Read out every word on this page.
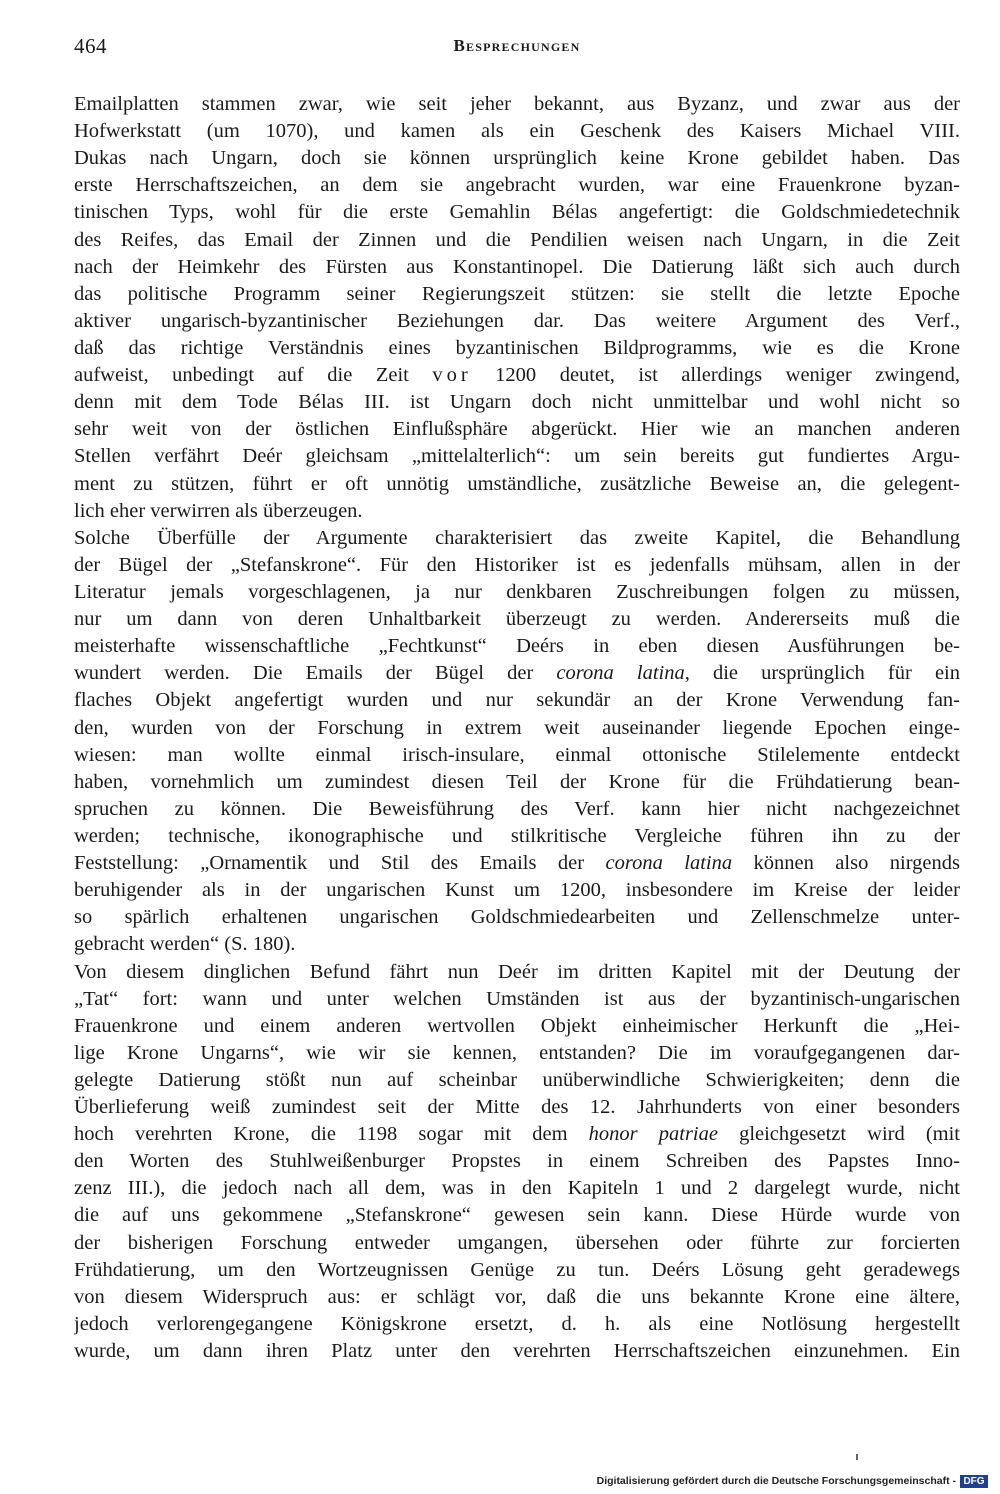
464	Besprechungen
Emailplatten stammen zwar, wie seit jeher bekannt, aus Byzanz, und zwar aus der
Hofwerkstatt (um 1070), und kamen als ein Geschenk des Kaisers Michael VIII.
Dukas nach Ungarn, doch sie können ursprünglich keine Krone gebildet haben. Das
erste Herrschaftszeichen, an dem sie angebracht wurden, war eine Frauenkrone byzan-
tinischen Typs, wohl für die erste Gemahlin Bélas angefertigt: die Goldschmiedetechnik
des Reifes, das Email der Zinnen und die Pendilien weisen nach Ungarn, in die Zeit
nach der Heimkehr des Fürsten aus Konstantinopel. Die Datierung läßt sich auch durch
das politische Programm seiner Regierungszeit stützen: sie stellt die letzte Epoche
aktiver ungarisch-byzantinischer Beziehungen dar. Das weitere Argument des Verf.,
daß das richtige Verständnis eines byzantinischen Bildprogramms, wie es die Krone
aufweist, unbedingt auf die Zeit vor 1200 deutet, ist allerdings weniger zwingend,
denn mit dem Tode Bélas III. ist Ungarn doch nicht unmittelbar und wohl nicht so
sehr weit von der östlichen Einflußsphäre abgerückt. Hier wie an manchen anderen
Stellen verfährt Deér gleichsam „mittelalterlich“: um sein bereits gut fundiertes Argu-
ment zu stützen, führt er oft unnötig umständliche, zusätzliche Beweise an, die gelegent-
lich eher verwirren als überzeugen.
Solche Überfülle der Argumente charakterisiert das zweite Kapitel, die Behandlung
der Bügel der „Stefanskrone“. Für den Historiker ist es jedenfalls mühsam, allen in der
Literatur jemals vorgeschlagenen, ja nur denkbaren Zuschreibungen folgen zu müssen,
nur um dann von deren Unhaltbarkeit überzeugt zu werden. Andererseits muß die
meisterhafte wissenschaftliche „Fechtkunst“ Deérs in eben diesen Ausführungen be-
wundert werden. Die Emails der Bügel der corona latina, die ursprünglich für ein
flaches Objekt angefertigt wurden und nur sekundär an der Krone Verwendung fan-
den, wurden von der Forschung in extrem weit auseinander liegende Epochen einge-
wiesen: man wollte einmal irisch-insulare, einmal ottonische Stilelemente entdeckt
haben, vornehmlich um zumindest diesen Teil der Krone für die Frühdatierung bean-
spruchen zu können. Die Beweisführung des Verf. kann hier nicht nachgezeichnet
werden; technische, ikonographische und stilkritische Vergleiche führen ihn zu der
Feststellung: „Ornamentik und Stil des Emails der corona latina können also nirgends
beruhigender als in der ungarischen Kunst um 1200, insbesondere im Kreise der leider
so spärlich erhaltenen ungarischen Goldschmiedearbeiten und Zellenschmelze unter-
gebracht werden“ (S. 180).
Von diesem dinglichen Befund fährt nun Deér im dritten Kapitel mit der Deutung der
„Tat“ fort: wann und unter welchen Umständen ist aus der byzantinisch-ungarischen
Frauenkrone und einem anderen wertvollen Objekt einheimischer Herkunft die „Hei-
lige Krone Ungarns“, wie wir sie kennen, entstanden? Die im voraufgegangenen dar-
gelegte Datierung stößt nun auf scheinbar unüberwindliche Schwierigkeiten; denn die
Überlieferung weiß zumindest seit der Mitte des 12. Jahrhunderts von einer besonders
hoch verehrten Krone, die 1198 sogar mit dem honor patriae gleichgesetzt wird (mit
den Worten des Stuhlweißenburger Propstes in einem Schreiben des Papstes Inno-
zenz III.), die jedoch nach all dem, was in den Kapiteln 1 und 2 dargelegt wurde, nicht
die auf uns gekommene „Stefanskrone“ gewesen sein kann. Diese Hürde wurde von
der bisherigen Forschung entweder umgangen, übersehen oder führte zur forcierten
Frühdatierung, um den Wortzeugnissen Genüge zu tun. Deérs Lösung geht geradewegs
von diesem Widerspruch aus: er schlägt vor, daß die uns bekannte Krone eine ältere,
jedoch verlorengegangene Königskrone ersetzt, d. h. als eine Notlösung hergestellt
wurde, um dann ihren Platz unter den verehrten Herrschaftszeichen einzunehmen. Ein
Digitalisierung gefördert durch die Deutsche Forschungsgemeinschaft - DFG
